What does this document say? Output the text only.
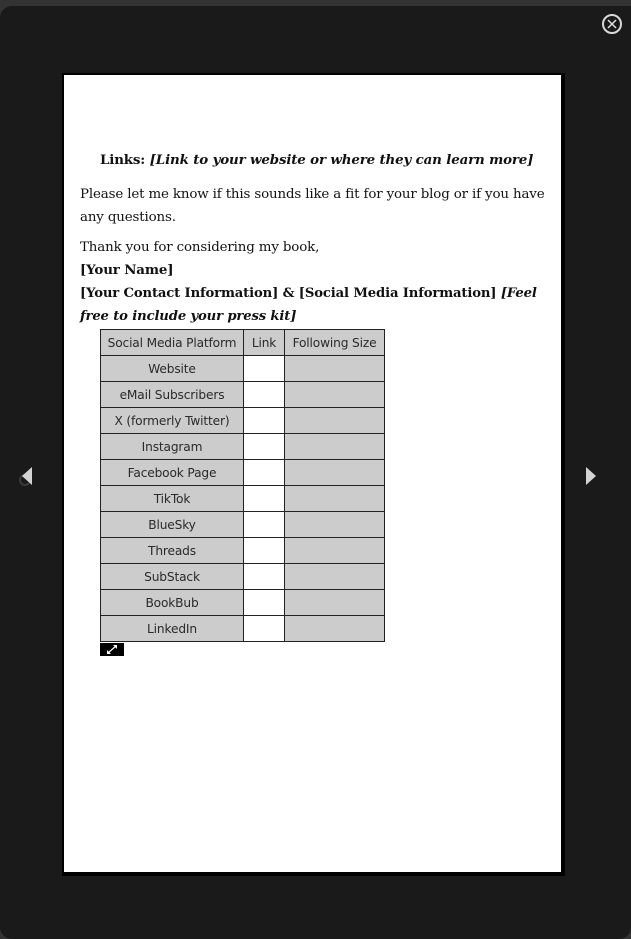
Links: [Link to your website or where they can learn more]
Please let me know if this sounds like a fit for your blog or if you have any questions.
Thank you for considering my book,
[Your Name]
[Your Contact Information] & [Social Media Information] [Feel free to include your press kit]
Social Media Platform	Link	Following Size
Website		
eMail Subscribers		
X (formerly Twitter)		
Instagram		
Facebook Page		
TikTok		
BlueSky		
Threads		
SubStack		
BookBub		
LinkedIn		
